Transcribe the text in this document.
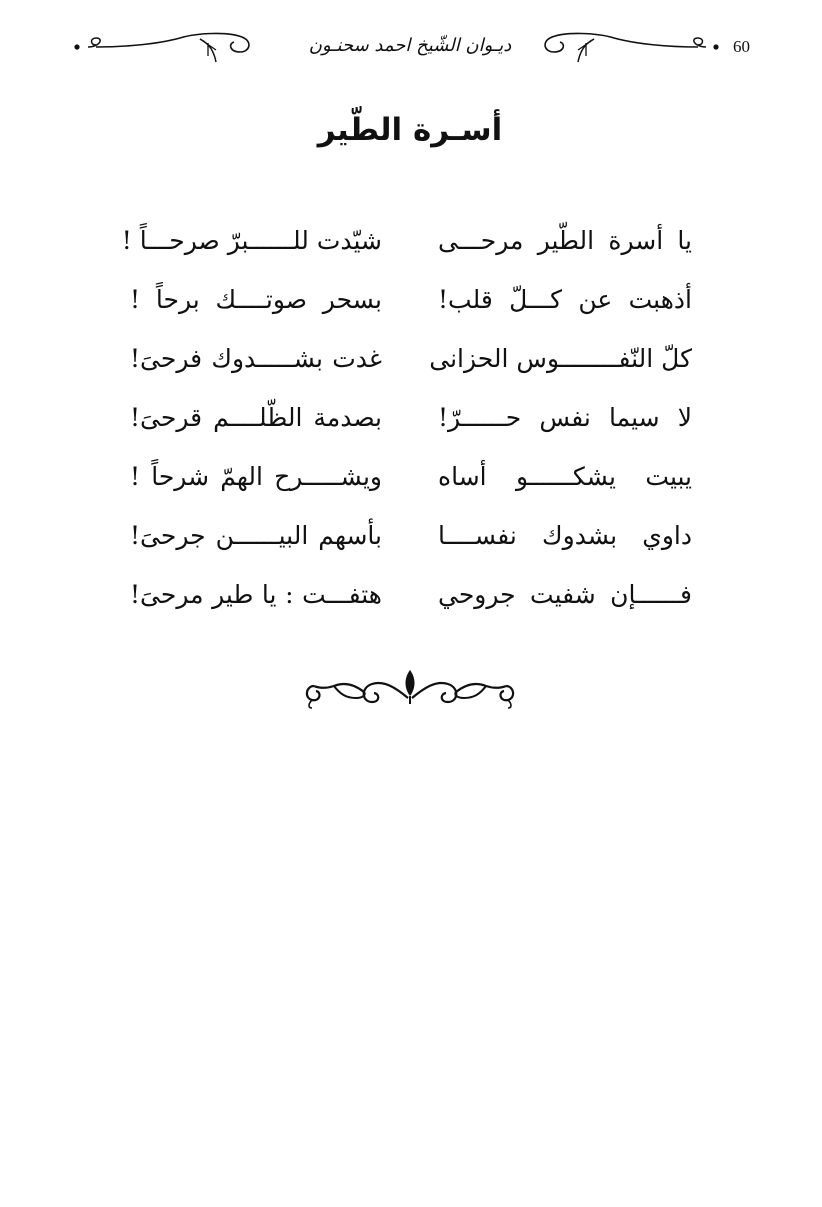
60
ديـوان الشّيخ احمد سحنـون
أسـرة الطّير
يا أسرة الطّير مرحـــى
شيّدت للــــــبرّ صرحـــاً !
أذهبت عن كـــلّ قلب!
بسحر صوتــــك برحاً !
كلّ النّفــــــــوس الحزانى
غدت بشـــــدوك فرحىَ!
لا سيما نفس حــــــرّ!
بصدمة الظّلــــم قرحىَ!
يبيت يشكــــــو أساه
ويشـــــرح الهمّ شرحاً !
داوي بشدوك نفســــا
بأسهم البيــــــن جرحىَ!
فــــــإن شفيت جروحي
هتفـــت : يا طير مرحىَ!
